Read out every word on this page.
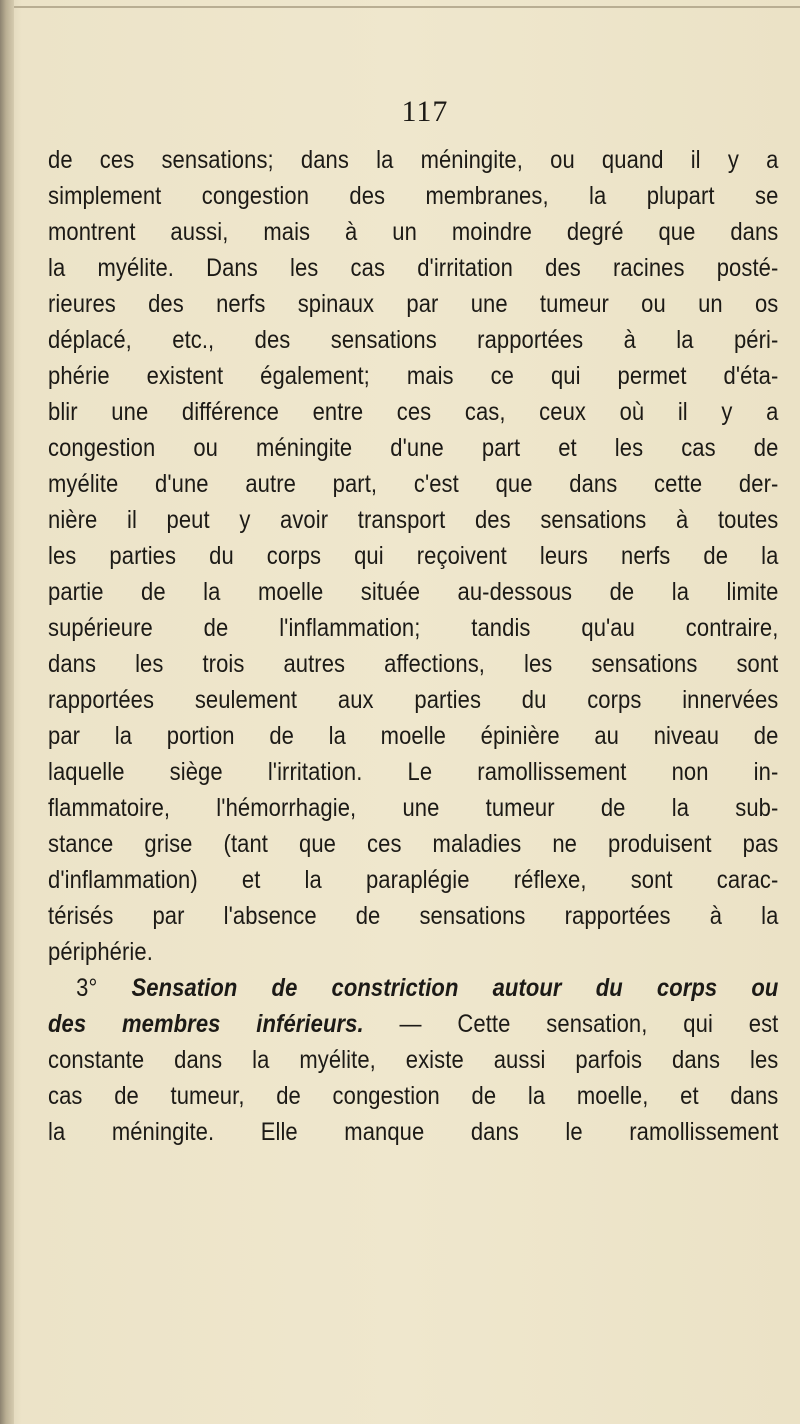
117
de ces sensations; dans la méningite, ou quand il y a
simplement congestion des membranes, la plupart se
montrent aussi, mais à un moindre degré que dans
la myélite. Dans les cas d'irritation des racines posté-
rieures des nerfs spinaux par une tumeur ou un os
déplacé, etc., des sensations rapportées à la péri-
phérie existent également; mais ce qui permet d'éta-
blir une différence entre ces cas, ceux où il y a
congestion ou méningite d'une part et les cas de
myélite d'une autre part, c'est que dans cette der-
nière il peut y avoir transport des sensations à toutes
les parties du corps qui reçoivent leurs nerfs de la
partie de la moelle située au-dessous de la limite
supérieure de l'inflammation; tandis qu'au contraire,
dans les trois autres affections, les sensations sont
rapportées seulement aux parties du corps innervées
par la portion de la moelle épinière au niveau de
laquelle siège l'irritation. Le ramollissement non in-
flammatoire, l'hémorrhagie, une tumeur de la sub-
stance grise (tant que ces maladies ne produisent pas
d'inflammation) et la paraplégie réflexe, sont carac-
térisés par l'absence de sensations rapportées à la
périphérie.
3° Sensation de constriction autour du corps ou
des membres inférieurs. — Cette sensation, qui est
constante dans la myélite, existe aussi parfois dans les
cas de tumeur, de congestion de la moelle, et dans
la méningite. Elle manque dans le ramollissement
